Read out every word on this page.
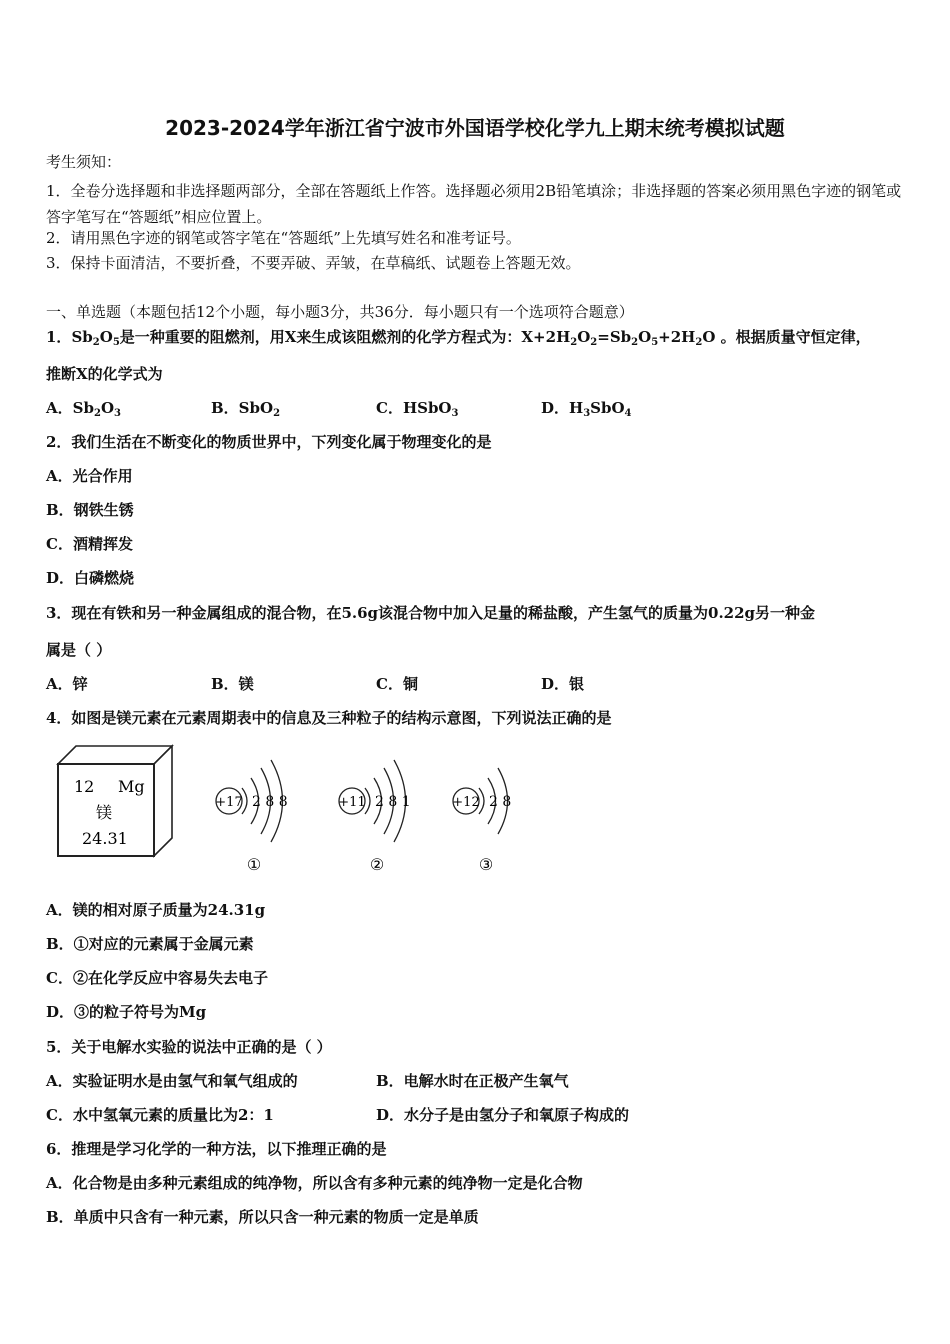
2023-2024学年浙江省宁波市外国语学校化学九上期末统考模拟试题
考生须知：
1．全卷分选择题和非选择题两部分，全部在答题纸上作答。选择题必须用2B铅笔填涂；非选择题的答案必须用黑色字迹的钢笔或答字笔写在“答题纸”相应位置上。
2．请用黑色字迹的钢笔或答字笔在“答题纸”上先填写姓名和准考证号。
3．保持卡面清洁，不要折叠，不要弄破、弄皱，在草稿纸、试题卷上答题无效。
一、单选题（本题包括12个小题，每小题3分，共36分．每小题只有一个选项符合题意）
1．$Sb_2O_5$是一种重要的阻燃剂，用X来生成该阻燃剂的化学方程式为：$X+2H_2O_2=Sb_2O_5+2H_2O$ 。根据质量守恒定律，
推断X的化学式为
A．$Sb_2O_3$	B．SbO$_2$	C．HSbO$_3$	D．$H_3SbO_4$
2．我们生活在不断变化的物质世界中，下列变化属于物理变化的是
A．光合作用
B．钢铁生锈
C．酒精挥发
D．白磷燃烧
3．现在有铁和另一种金属组成的混合物，在5.6g该混合物中加入足量的稀盐酸，产生氢气的质量为0.22g另一种金
属是（ ）
A．锌	B．镁	C．铜	D．银
4．如图是镁元素在元素周期表中的信息及三种粒子的结构示意图，下列说法正确的是
12 Mg
镁
24.31
+17 2 8 8
①
+11 2 8 1
②
+12 2 8
③
A．镁的相对原子质量为24.31g
B．①对应的元素属于金属元素
C．②在化学反应中容易失去电子
D．③的粒子符号为Mg
5．关于电解水实验的说法中正确的是（ ）
A．实验证明水是由氢气和氧气组成的	B．电解水时在正极产生氧气
C．水中氢氧元素的质量比为2：1	D．水分子是由氢分子和氧原子构成的
6．推理是学习化学的一种方法，以下推理正确的是
A．化合物是由多种元素组成的纯净物，所以含有多种元素的纯净物一定是化合物
B．单质中只含有一种元素，所以只含一种元素的物质一定是单质
